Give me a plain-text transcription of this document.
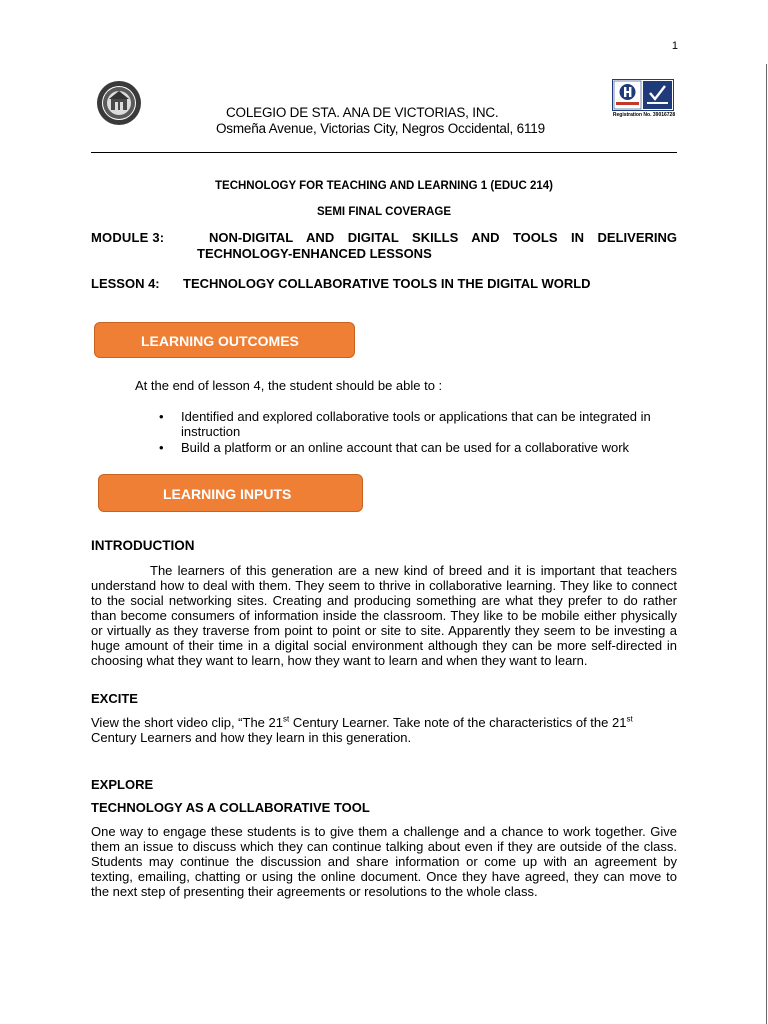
1
Registration No. 39016728
COLEGIO DE STA. ANA DE VICTORIAS, INC.
Osmeña Avenue, Victorias City, Negros Occidental, 6119
TECHNOLOGY FOR TEACHING AND LEARNING 1 (EDUC 214)
SEMI FINAL COVERAGE
MODULE 3:	NON-DIGITAL AND DIGITAL SKILLS AND TOOLS IN DELIVERING
TECHNOLOGY-ENHANCED LESSONS
LESSON 4: TECHNOLOGY COLLABORATIVE TOOLS IN THE DIGITAL WORLD
LEARNING OUTCOMES
At the end of lesson 4, the student should be able to :
• Identified and explored collaborative tools or applications that can be integrated in instruction
• Build a platform or an online account that can be used for a collaborative work
LEARNING INPUTS
INTRODUCTION
The learners of this generation are a new kind of breed and it is important that teachers understand how to deal with them. They seem to thrive in collaborative learning. They like to connect to the social networking sites. Creating and producing something are what they prefer to do rather than become consumers of information inside the classroom. They like to be mobile either physically or virtually as they traverse from point to point or site to site. Apparently they seem to be investing a huge amount of their time in a digital social environment although they can be more self-directed in choosing what they want to learn, how they want to learn and when they want to learn.
EXCITE
View the short video clip, “The 21st Century Learner. Take note of the characteristics of the 21st Century Learners and how they learn in this generation.
EXPLORE
TECHNOLOGY AS A COLLABORATIVE TOOL
One way to engage these students is to give them a challenge and a chance to work together. Give them an issue to discuss which they can continue talking about even if they are outside of the class. Students may continue the discussion and share information or come up with an agreement by texting, emailing, chatting or using the online document. Once they have agreed, they can move to the next step of presenting their agreements or resolutions to the whole class.
